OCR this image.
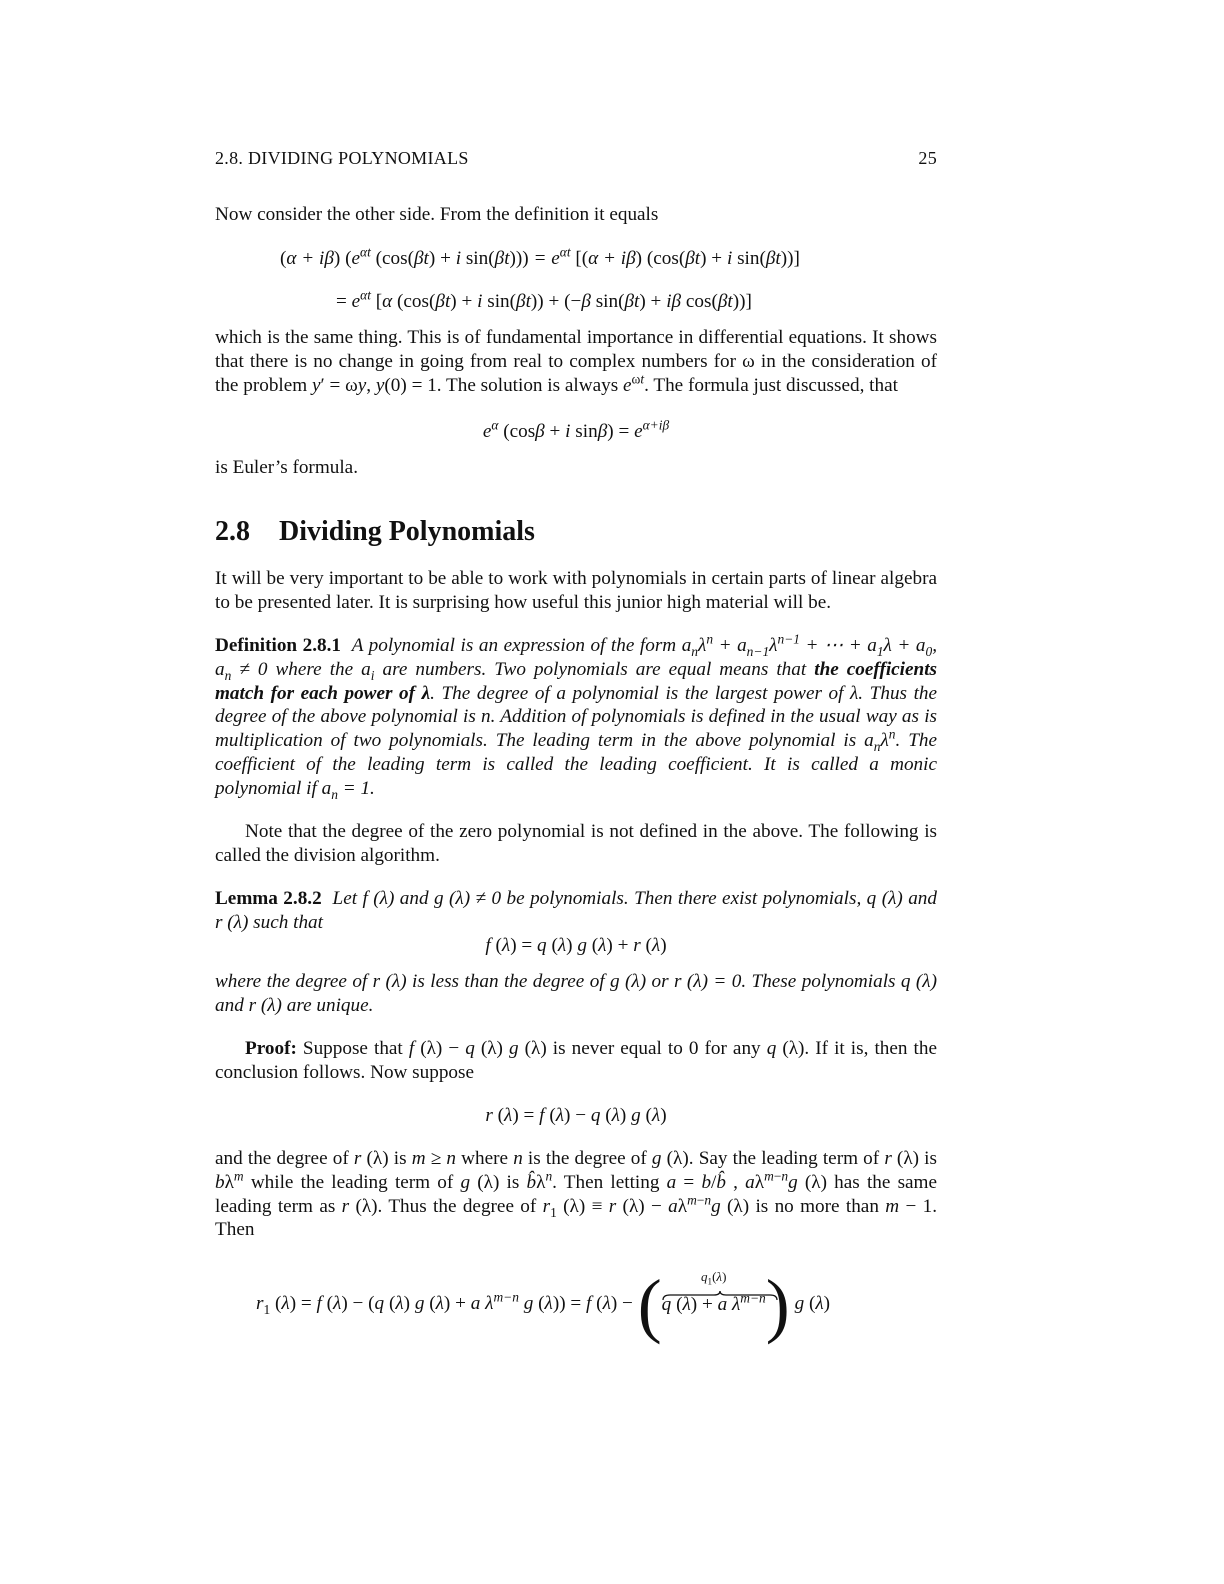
2.8. DIVIDING POLYNOMIALS	25

Now consider the other side. From the definition it equals

(α + iβ) ($e^{\alpha t}$ (cos(βt) + i $\sin(\beta t))) = e^{\alpha t}$ [(α + iβ) (cos(βt) + i sin(βt))]
= $e^{\alpha t}$ [α (cos(βt) + i sin(βt)) + (−β sin(βt) + iβ cos(βt))]

which is the same thing. This is of fundamental importance in differential equations. It shows that there is no change in going from real to complex numbers for ω in the consideration of the problem y′ = ωy, y(0) = 1. The solution is always $e^{\omega t}$. The formula just discussed, that

$e^\alpha$ (cosβ + i $\sin\beta) = e^{\alpha+i\beta}$

is Euler’s formula.

2.8 Dividing Polynomials

It will be very important to be able to work with polynomials in certain parts of linear algebra to be presented later. It is surprising how useful this junior high material will be.

Definition 2.8.1  A polynomial is an expression of the form $a_n\lambda^n + a_{n-1}\lambda^{n-1}$ + ⋯ + $a_1\lambda + a_0$, $a_n \ne 0$ where the $a_i$ are numbers. Two polynomials are equal means that the coefficients match for each power of λ. The degree of a polynomial is the largest power of λ. Thus the degree of the above polynomial is n. Addition of polynomials is defined in the usual way as is multiplication of two polynomials. The leading term in the above polynomial is $a_n\lambda^n$. The coefficient of the leading term is called the leading coefficient. It is called a monic polynomial if $a_n = 1$.

Note that the degree of the zero polynomial is not defined in the above. The following is called the division algorithm.

Lemma 2.8.2  Let f (λ) and g (λ) ≠ 0 be polynomials. Then there exist polynomials, q (λ) and r (λ) such that

f (λ) = q (λ) g (λ) + r (λ)

where the degree of r (λ) is less than the degree of g (λ) or r (λ) = 0. These polynomials q (λ) and r (λ) are unique.

Proof: Suppose that f (λ) − q (λ) g (λ) is never equal to 0 for any q (λ). If it is, then the conclusion follows. Now suppose

r (λ) = f (λ) − q (λ) g (λ)

and the degree of r (λ) is m ≥ n where n is the degree of g (λ). Say the leading term of r (λ) is $b\lambda^m$ while the leading term of g (λ) is $b̂\lambda^n$. Then letting a = b/b̂ , $a\lambda^{m-n}g$ (λ) has the same leading term as r (λ). Thus the degree of $r_1$ (λ) ≡ r $(\lambda) - a\lambda^{m-n}g$ (λ) is no more than m − 1. Then

$r_1$ (λ) = f (λ) − (q (λ) g (λ) + a $\lambda^{m-n}$ g (λ)) = f (λ) − (	$q_1(\lambda)$
q (λ) + a $\lambda^{m-n}$) g (λ)
